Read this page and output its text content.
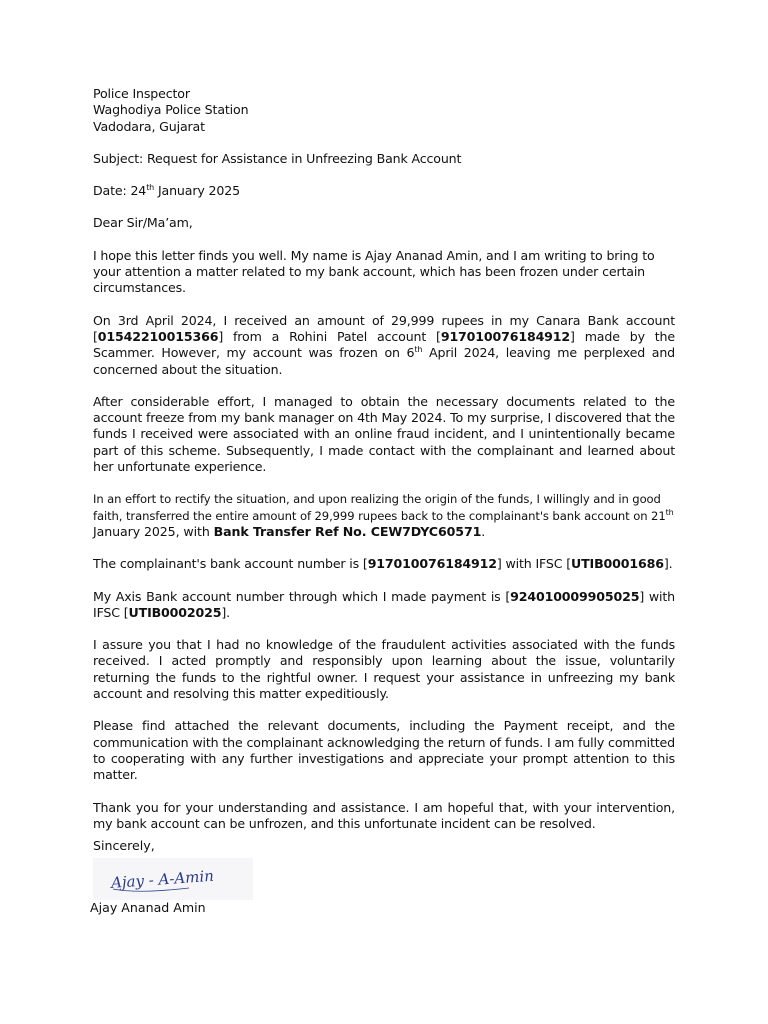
Police Inspector

Waghodiya Police Station

Vadodara, Gujarat

Subject: Request for Assistance in Unfreezing Bank Account

Date: 24th January 2025

Dear Sir/Ma’am,

I hope this letter finds you well. My name is Ajay Ananad Amin, and I am writing to bring to your attention a matter related to my bank account, which has been frozen under certain circumstances.

On 3rd April 2024, I received an amount of 29,999 rupees in my Canara Bank account [01542210015366] from a Rohini Patel account [917010076184912] made by the Scammer. However, my account was frozen on 6th April 2024, leaving me perplexed and concerned about the situation.

After considerable effort, I managed to obtain the necessary documents related to the account freeze from my bank manager on 4th May 2024. To my surprise, I discovered that the funds I received were associated with an online fraud incident, and I unintentionally became part of this scheme. Subsequently, I made contact with the complainant and learned about her unfortunate experience.

In an effort to rectify the situation, and upon realizing the origin of the funds, I willingly and in good faith, transferred the entire amount of 29,999 rupees back to the complainant's bank account on 21th January 2025, with Bank Transfer Ref No. CEW7DYC60571.

The complainant's bank account number is [917010076184912] with IFSC [UTIB0001686].

My Axis Bank account number through which I made payment is [924010009905025] with IFSC [UTIB0002025].

I assure you that I had no knowledge of the fraudulent activities associated with the funds received. I acted promptly and responsibly upon learning about the issue, voluntarily returning the funds to the rightful owner. I request your assistance in unfreezing my bank account and resolving this matter expeditiously.

Please find attached the relevant documents, including the Payment receipt, and the communication with the complainant acknowledging the return of funds. I am fully committed to cooperating with any further investigations and appreciate your prompt attention to this matter.

Thank you for your understanding and assistance. I am hopeful that, with your intervention, my bank account can be unfrozen, and this unfortunate incident can be resolved.

Sincerely,
Ajay - A-Amin
Ajay Ananad Amin
